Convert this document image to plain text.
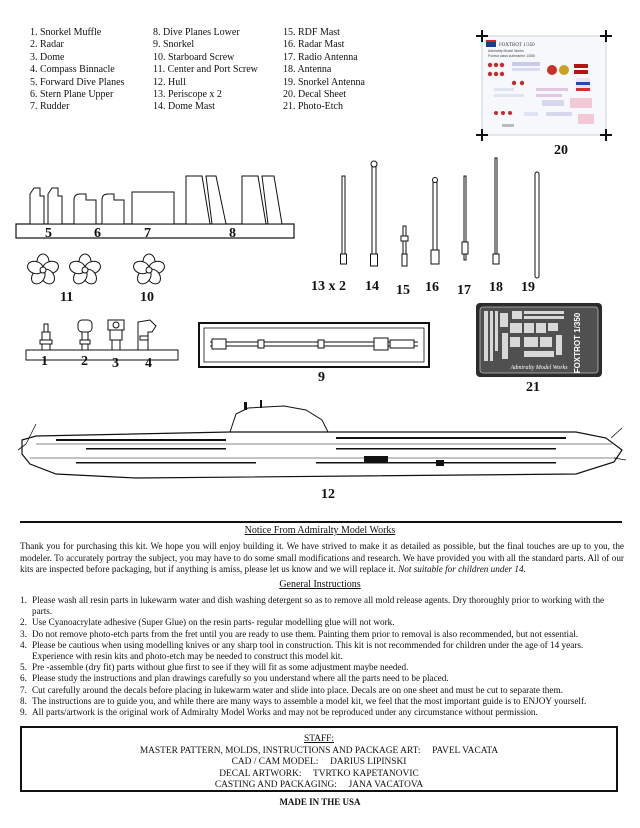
1. Snorkel Muffle
2. Radar
3. Dome
4. Compass Binnacle
5. Forward Dive Planes
6. Stern Plane Upper
7. Rudder
8. Dive Planes Lower
9. Snorkel
10. Starboard Screw
11. Center and Port Screw
12. Hull
13. Periscope x 2
14. Dome Mast
15. RDF Mast
16. Radar Mast
17. Radio Antenna
18. Antenna
19. Snorkel Antenna
20. Decal Sheet
21. Photo-Etch
FOXTROT 1/350
Admiralty Model Works
Foxtrot class submarine 1/350
20
5	6	7	8
11	10
13 x 2 14 15 16 17 18 19
1 2 3 4
9
FOXTROT 1/350
Admiralty Model Works
21
12
Notice From Admiralty Model Works
Thank you for purchasing this kit. We hope you will enjoy building it. We have strived to make it as detailed as possible, but the final touches are up to you, the modeler. To accurately portray the subject, you may have to do some small modifications and research. We have provided you with all the standard parts. All of our kits are inspected before packaging, but if anything is amiss, please let us know and we will replace it. Not suitable for children under 14.
General Instructions
1. Please wash all resin parts in lukewarm water and dish washing detergent so as to remove all mold release agents. Dry thoroughly prior to working with the parts.
2. Use Cyanoacrylate adhesive (Super Glue) on the resin parts- regular modelling glue will not work.
3. Do not remove photo-etch parts from the fret until you are ready to use them. Painting them prior to removal is also recommended, but not essential.
4. Please be cautious when using modelling knives or any sharp tool in construction. This kit is not recommended for children under the age of 14 years. Experience with resin kits and photo-etch may be needed to construct this model kit.
5. Pre -assemble (dry fit) parts without glue first to see if they will fit as some adjustment maybe needed.
6. Please study the instructions and plan drawings carefully so you understand where all the parts need to be placed.
7. Cut carefully around the decals before placing in lukewarm water and slide into place. Decals are on one sheet and must be cut to separate them.
8. The instructions are to guide you, and while there are many ways to assemble a model kit, we feel that the most important guide is to ENJOY yourself.
9. All parts/artwork is the original work of Admiralty Model Works and may not be reproduced under any circumstance without permission.
STAFF:
MASTER PATTERN, MOLDS, INSTRUCTIONS AND PACKAGE ART:     PAVEL VACATA
CAD / CAM MODEL:     DARIUS LIPINSKI
DECAL ARTWORK:     TVRTKO KAPETANOVIC
CASTING AND PACKAGING:     JANA VACATOVA
MADE IN THE USA
